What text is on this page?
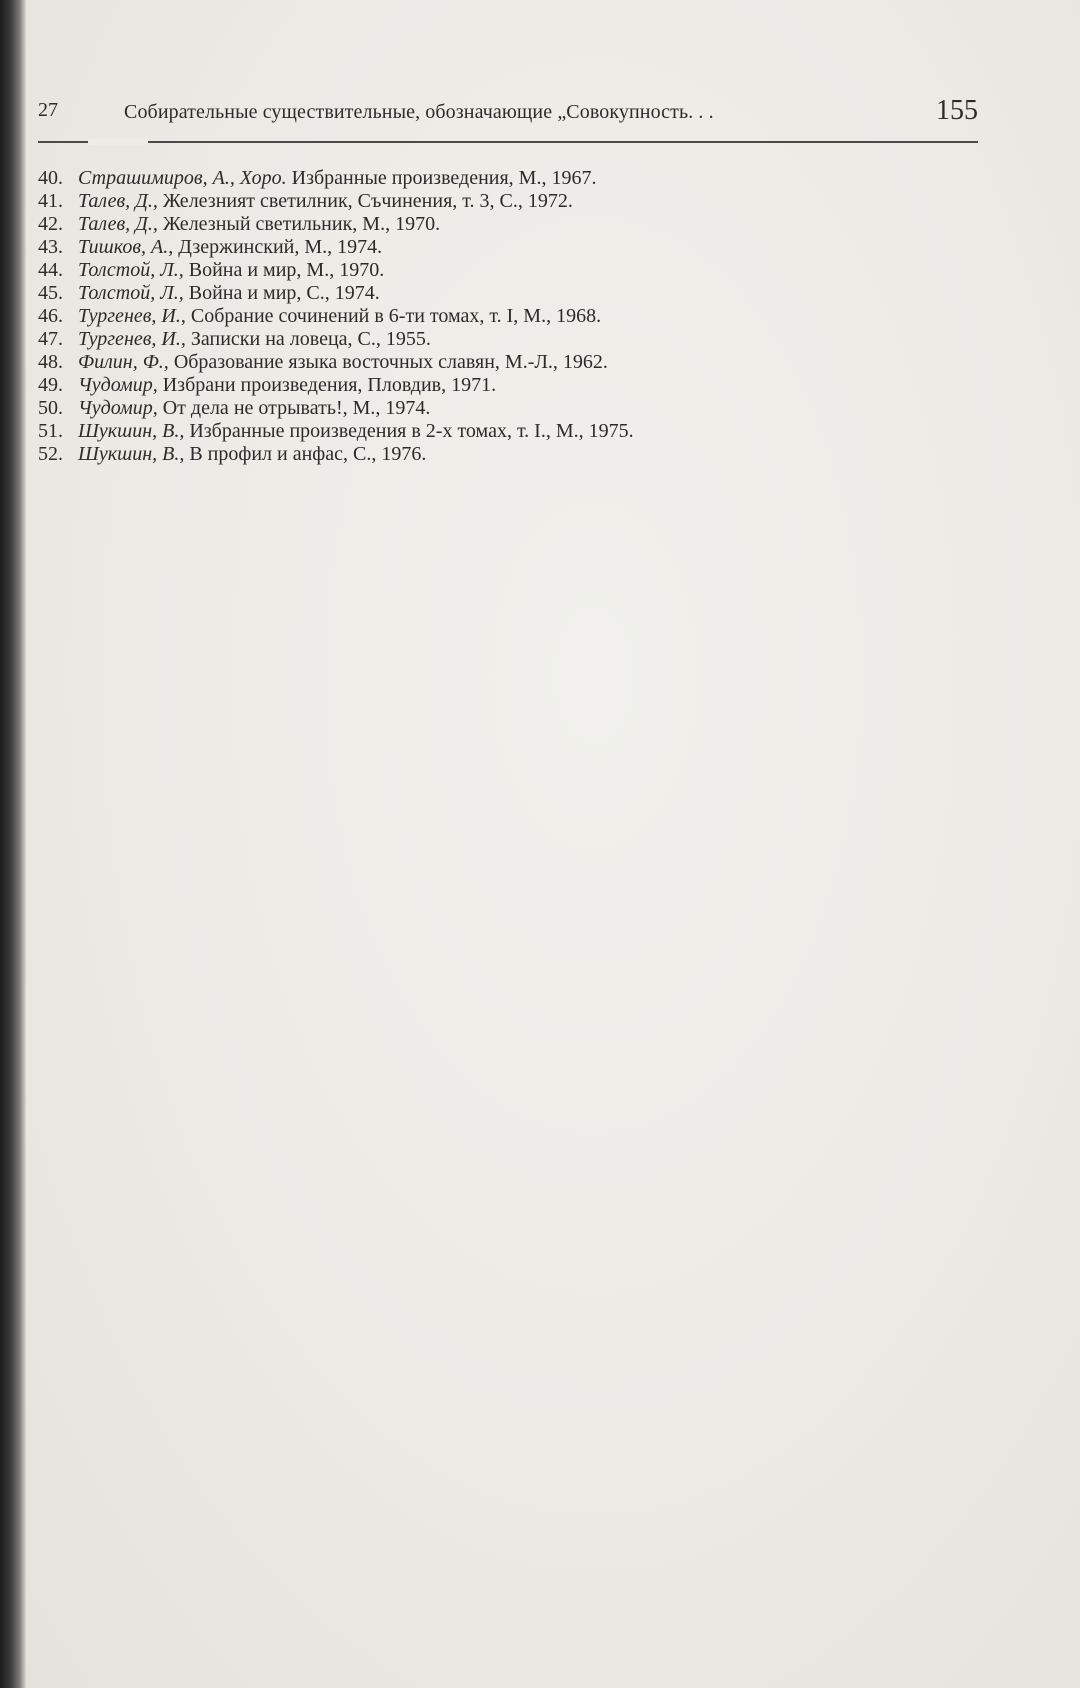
27	Собирательные существительные, обозначающие „Совокупность. . .	155
40. Страшимиров, А., Хоро. Избранные произведения, М., 1967.
41. Талев, Д., Железният светилник, Съчинения, т. 3, С., 1972.
42. Талев, Д., Железный светильник, М., 1970.
43. Тишков, А., Дзержинский, М., 1974.
44. Толстой, Л., Война и мир, М., 1970.
45. Толстой, Л., Война и мир, С., 1974.
46. Тургенев, И., Собрание сочинений в 6-ти томах, т. I, М., 1968.
47. Тургенев, И., Записки на ловеца, С., 1955.
48. Филин, Ф., Образование языка восточных славян, М.-Л., 1962.
49. Чудомир, Избрани произведения, Пловдив, 1971.
50. Чудомир, От дела не отрывать!, М., 1974.
51. Шукшин, В., Избранные произведения в 2-х томах, т. I., М., 1975.
52. Шукшин, В., В профил и анфас, С., 1976.
